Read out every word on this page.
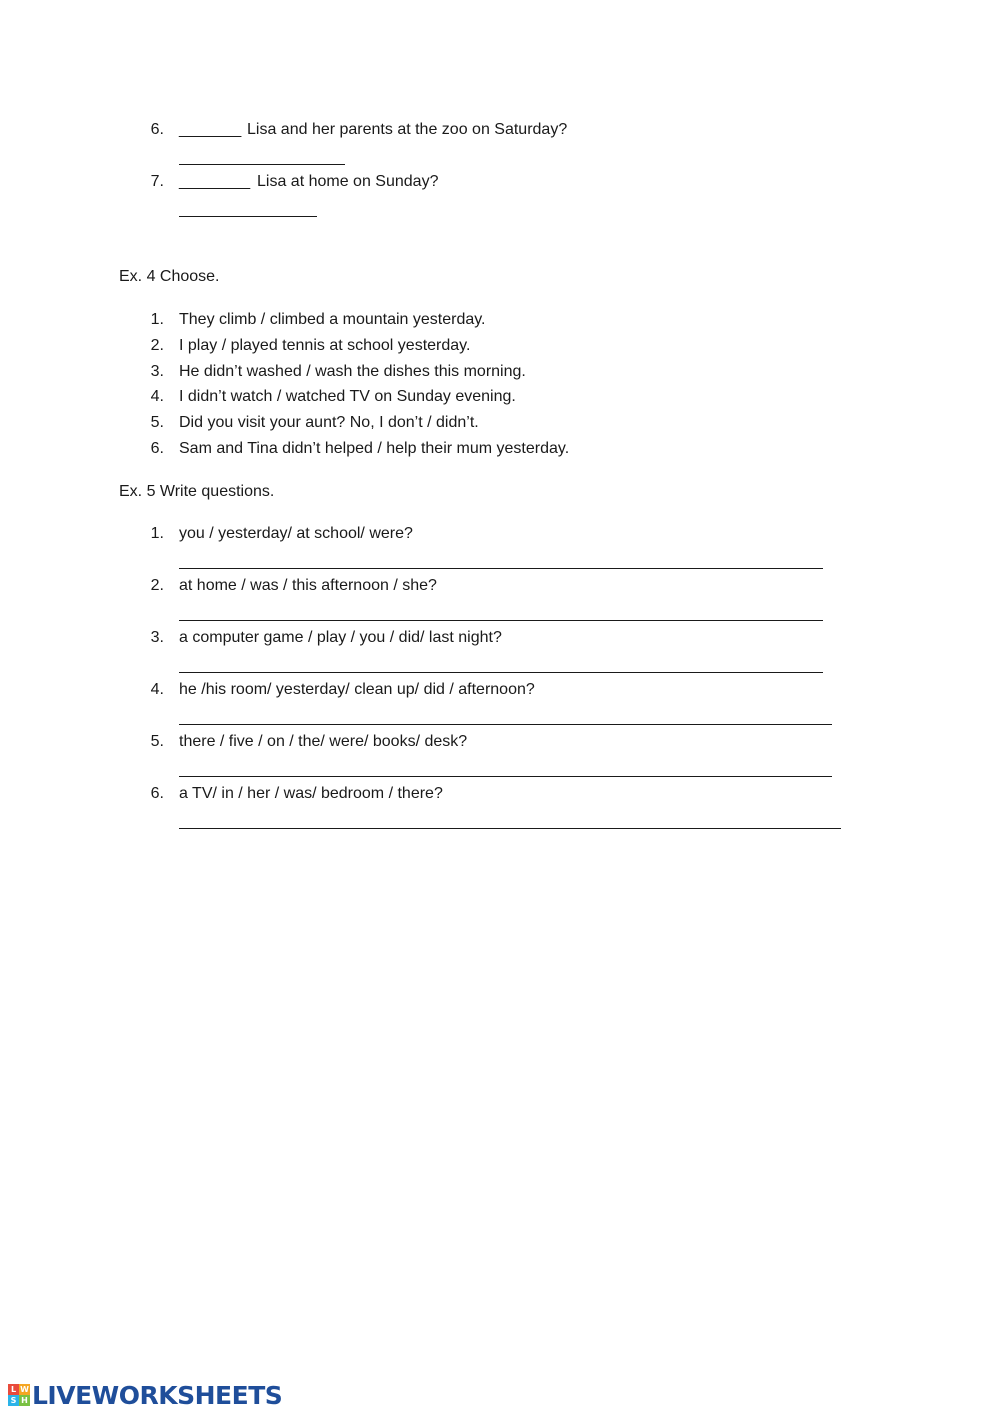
6. _______ Lisa and her parents at the zoo on Saturday?
7. ________ Lisa at home on Sunday?
Ex. 4 Choose.
1. They climb / climbed a mountain yesterday.
2. I play / played tennis at school yesterday.
3. He didn’t washed / wash the dishes this morning.
4. I didn’t watch / watched TV on Sunday evening.
5. Did you visit your aunt? No, I don’t / didn’t.
6. Sam and Tina didn’t helped / help their mum yesterday.
Ex. 5 Write questions.
1. you / yesterday/ at school/ were?
2. at home / was / this afternoon / she?
3. a computer game / play / you / did/ last night?
4. he /his room/ yesterday/ clean up/ did / afternoon?
5. there / five / on / the/ were/ books/ desk?
6. a TV/ in / her / was/ bedroom / there?
L W
S H LIVEWORKSHEETS
